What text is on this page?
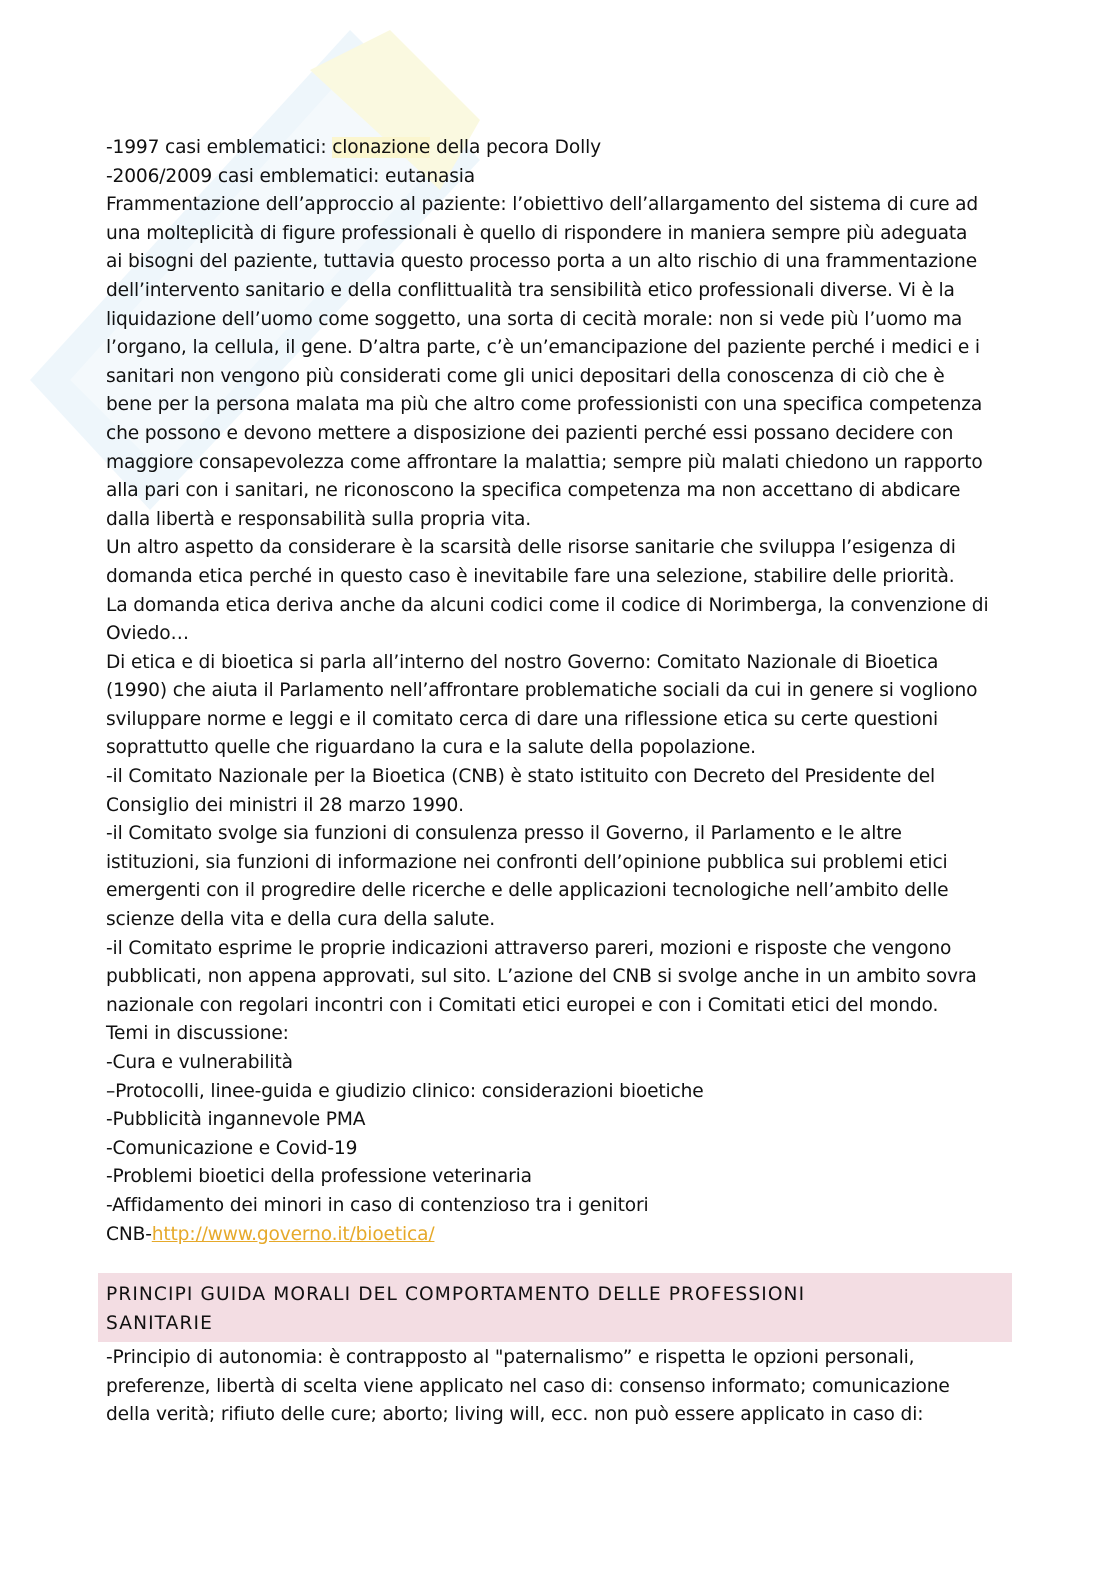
-1997 casi emblematici: clonazione della pecora Dolly
-2006/2009 casi emblematici: eutanasia
Frammentazione dell’approccio al paziente: l’obiettivo dell’allargamento del sistema di cure ad
una molteplicità di figure professionali è quello di rispondere in maniera sempre più adeguata
ai bisogni del paziente, tuttavia questo processo porta a un alto rischio di una frammentazione
dell’intervento sanitario e della conflittualità tra sensibilità etico professionali diverse. Vi è la
liquidazione dell’uomo come soggetto, una sorta di cecità morale: non si vede più l’uomo ma
l’organo, la cellula, il gene. D’altra parte, c’è un’emancipazione del paziente perché i medici e i
sanitari non vengono più considerati come gli unici depositari della conoscenza di ciò che è
bene per la persona malata ma più che altro come professionisti con una specifica competenza
che possono e devono mettere a disposizione dei pazienti perché essi possano decidere con
maggiore consapevolezza come affrontare la malattia; sempre più malati chiedono un rapporto
alla pari con i sanitari, ne riconoscono la specifica competenza ma non accettano di abdicare
dalla libertà e responsabilità sulla propria vita.
Un altro aspetto da considerare è la scarsità delle risorse sanitarie che sviluppa l’esigenza di
domanda etica perché in questo caso è inevitabile fare una selezione, stabilire delle priorità.
La domanda etica deriva anche da alcuni codici come il codice di Norimberga, la convenzione di
Oviedo…
Di etica e di bioetica si parla all’interno del nostro Governo: Comitato Nazionale di Bioetica
(1990) che aiuta il Parlamento nell’affrontare problematiche sociali da cui in genere si vogliono
sviluppare norme e leggi e il comitato cerca di dare una riflessione etica su certe questioni
soprattutto quelle che riguardano la cura e la salute della popolazione.
-il Comitato Nazionale per la Bioetica (CNB) è stato istituito con Decreto del Presidente del
Consiglio dei ministri il 28 marzo 1990.
-il Comitato svolge sia funzioni di consulenza presso il Governo, il Parlamento e le altre
istituzioni, sia funzioni di informazione nei confronti dell’opinione pubblica sui problemi etici
emergenti con il progredire delle ricerche e delle applicazioni tecnologiche nell’ambito delle
scienze della vita e della cura della salute.
-il Comitato esprime le proprie indicazioni attraverso pareri, mozioni e risposte che vengono
pubblicati, non appena approvati, sul sito. L’azione del CNB si svolge anche in un ambito sovra
nazionale con regolari incontri con i Comitati etici europei e con i Comitati etici del mondo.
Temi in discussione:
-Cura e vulnerabilità
–Protocolli, linee-guida e giudizio clinico: considerazioni bioetiche
-Pubblicità ingannevole PMA
-Comunicazione e Covid-19
-Problemi bioetici della professione veterinaria
-Affidamento dei minori in caso di contenzioso tra i genitori
CNB-http://www.governo.it/bioetica/
PRINCIPI GUIDA MORALI DEL COMPORTAMENTO DELLE PROFESSIONI
SANITARIE
-Principio di autonomia: è contrapposto al "paternalismo” e rispetta le opzioni personali,
preferenze, libertà di scelta viene applicato nel caso di: consenso informato; comunicazione
della verità; rifiuto delle cure; aborto; living will, ecc. non può essere applicato in caso di:
